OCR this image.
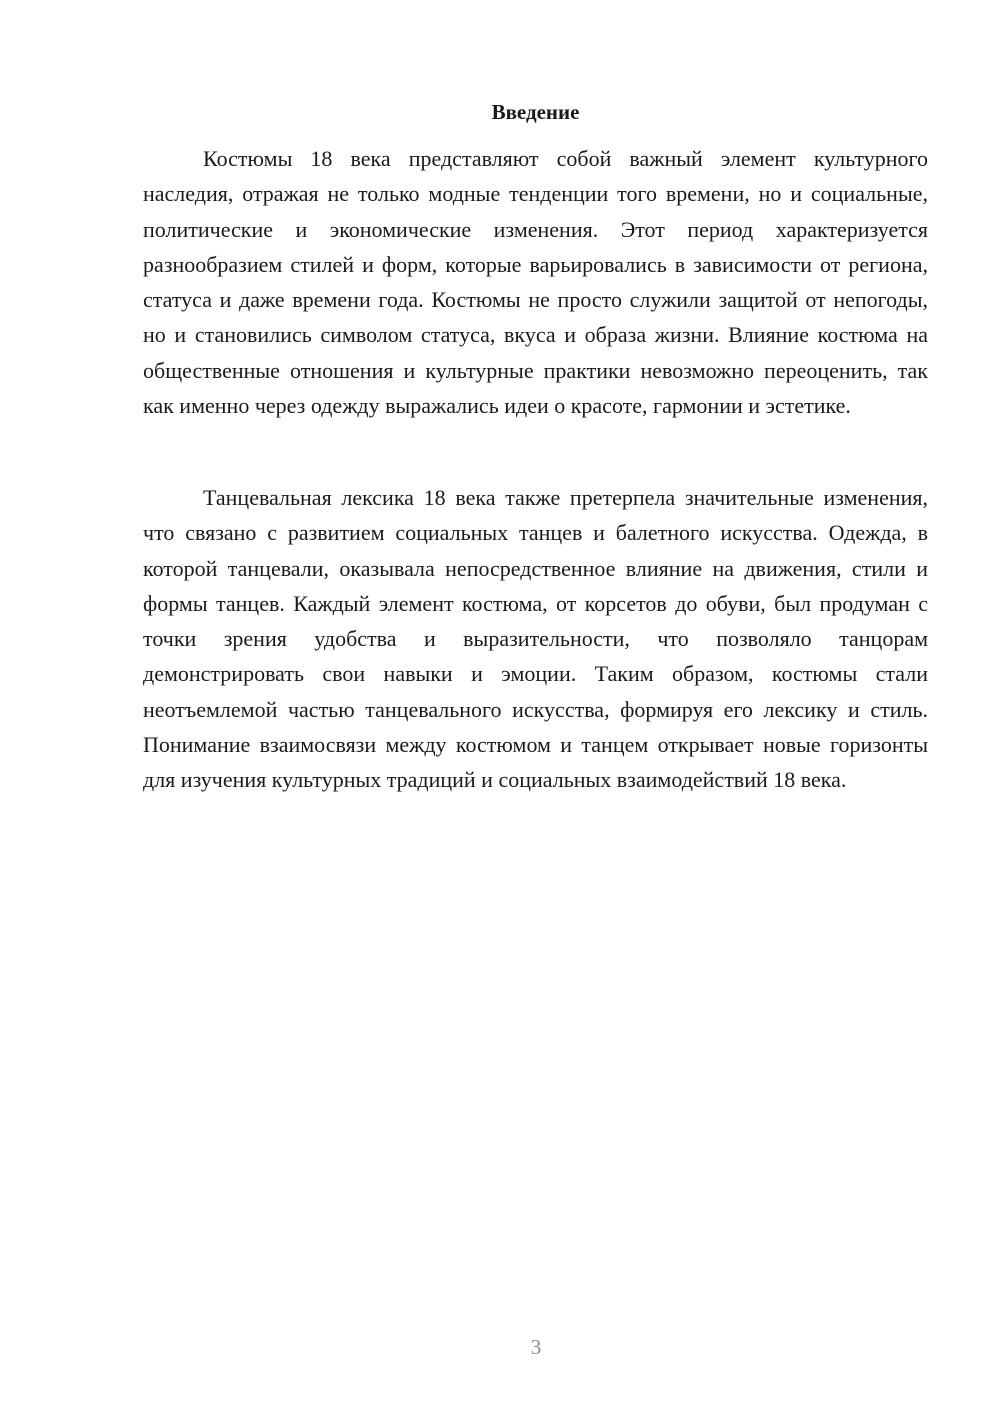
Введение

Костюмы 18 века представляют собой важный элемент культурного наследия, отражая не только модные тенденции того времени, но и социальные, политические и экономические изменения. Этот период характеризуется разнообразием стилей и форм, которые варьировались в зависимости от региона, статуса и даже времени года. Костюмы не просто служили защитой от непогоды, но и становились символом статуса, вкуса и образа жизни. Влияние костюма на общественные отношения и культурные практики невозможно переоценить, так как именно через одежду выражались идеи о красоте, гармонии и эстетике.

Танцевальная лексика 18 века также претерпела значительные изменения, что связано с развитием социальных танцев и балетного искусства. Одежда, в которой танцевали, оказывала непосредственное влияние на движения, стили и формы танцев. Каждый элемент костюма, от корсетов до обуви, был продуман с точки зрения удобства и выразительности, что позволяло танцорам демонстрировать свои навыки и эмоции. Таким образом, костюмы стали неотъемлемой частью танцевального искусства, формируя его лексику и стиль. Понимание взаимосвязи между костюмом и танцем открывает новые горизонты для изучения культурных традиций и социальных взаимодействий 18 века.

3
